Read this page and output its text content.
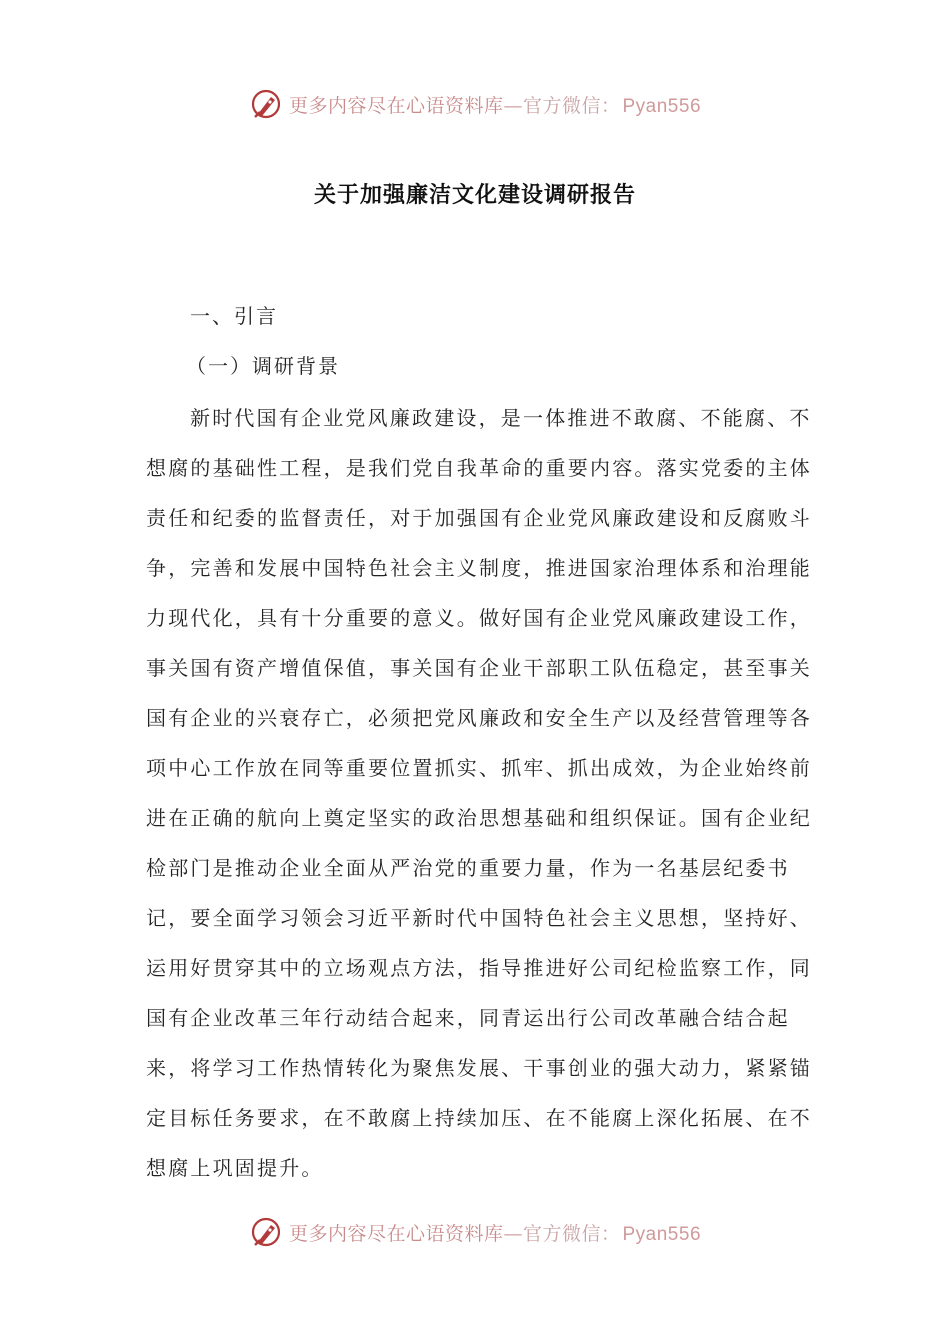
更多内容尽在心语资料库—官方微信： Pyan556
关于加强廉洁文化建设调研报告
一、引言
（一）调研背景

新时代国有企业党风廉政建设，是一体推进不敢腐、不能腐、不想腐的基础性工程，是我们党自我革命的重要内容。落实党委的主体责任和纪委的监督责任，对于加强国有企业党风廉政建设和反腐败斗争，完善和发展中国特色社会主义制度，推进国家治理体系和治理能力现代化，具有十分重要的意义。做好国有企业党风廉政建设工作，事关国有资产增值保值，事关国有企业干部职工队伍稳定，甚至事关国有企业的兴衰存亡，必须把党风廉政和安全生产以及经营管理等各项中心工作放在同等重要位置抓实、抓牢、抓出成效，为企业始终前进在正确的航向上奠定坚实的政治思想基础和组织保证。国有企业纪检部门是推动企业全面从严治党的重要力量，作为一名基层纪委书记，要全面学习领会习近平新时代中国特色社会主义思想，坚持好、运用好贯穿其中的立场观点方法，指导推进好公司纪检监察工作，同国有企业改革三年行动结合起来，同青运出行公司改革融合结合起来，将学习工作热情转化为聚焦发展、干事创业的强大动力，紧紧锚定目标任务要求，在不敢腐上持续加压、在不能腐上深化拓展、在不想腐上巩固提升。

更多内容尽在心语资料库—官方微信： Pyan556
